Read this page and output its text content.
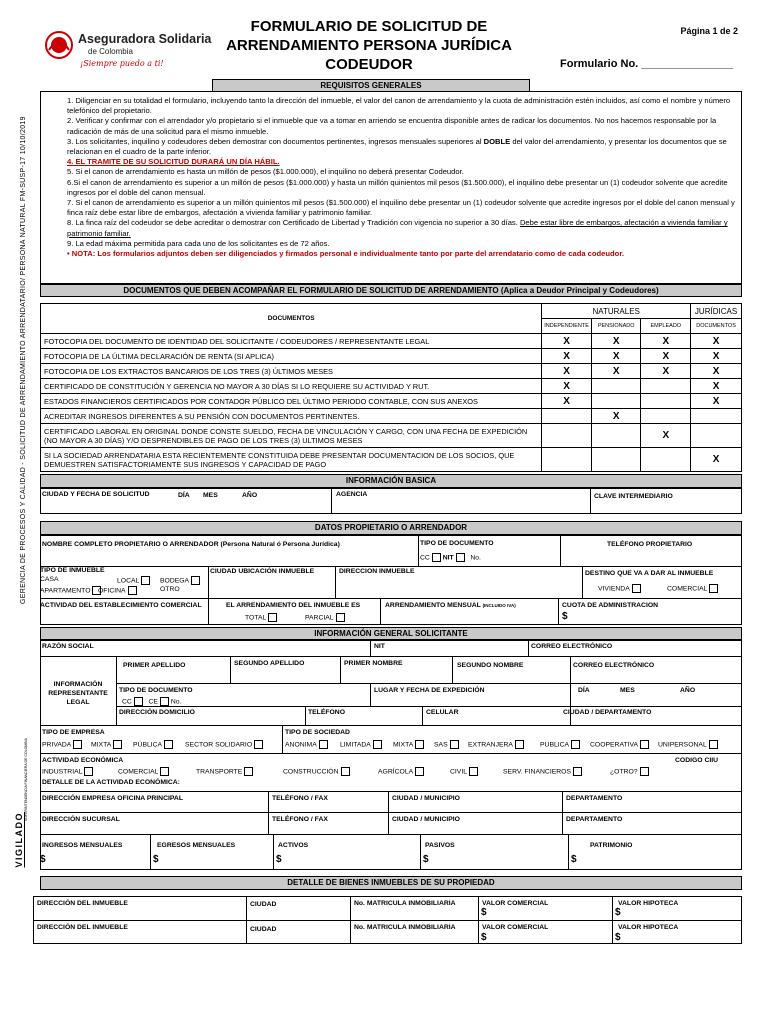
GERENCIA DE PROCESOS Y CALIDAD - SOLICITUD DE ARRENDAMIENTO ARRENDATARIO/ PERSONA NATURAL FM-SUSP-17 10/10/2019
VIGILADO
SUPERINTENDENCIA FINANCIERA DE COLOMBIA
Aseguradora Solidaria
de Colombia
¡Siempre puedo a ti!
FORMULARIO DE SOLICITUD DE
ARRENDAMIENTO PERSONA JURÍDICA
CODEUDOR
Página 1 de 2
Formulario No. _______________
REQUISITOS GENERALES

1. Diligenciar en su totalidad el formulario, incluyendo tanto la dirección del inmueble, el valor del canon de arrendamiento y la cuota de administración estén incluidos, así como el nombre y número telefónico del propietario.

2. Verificar y confirmar con el arrendador y/o propietario si el inmueble que va a tomar en arriendo se encuentra disponible antes de radicar los documentos. No nos hacemos responsable por la radicación de más de una solicitud para el mismo inmueble.

3. Los solicitantes, inquilino y codeudores deben demostrar con documentos pertinentes, ingresos mensuales superiores al DOBLE del valor del arrendamiento, y presentar los documentos que se relacionan en el cuadro de la parte inferior.

4. EL TRAMITE DE SU SOLICITUD DURARÁ UN DÍA HÁBIL.

5. Si el canon de arrendamiento es hasta un millón de pesos ($1.000.000), el inquilino no deberá presentar Codeudor.

6.Si el canon de arrendamiento es superior a un millón de pesos ($1.000.000) y hasta un millón quinientos mil pesos ($1.500.000), el inquilino debe presentar un (1) codeudor solvente que acredite ingresos por el doble del canon mensual.

7. Si el canon de arrendamiento es superior a un millón quinientos mil pesos ($1.500.000) el inquilino debe presentar un (1) codeudor solvente que acredite ingresos por el doble del canon mensual y finca raíz debe estar libre de embargos, afectación a vivienda familiar y patrimonio familiar.

8. La finca raíz del codeudor se debe acreditar o demostrar con Certificado de Libertad y Tradición con vigencia no superior a 30 días. Debe estar libre de embargos, afectación a vivienda familiar y patrimonio familiar.

9. La edad máxima permitida para cada uno de los solicitantes es de 72 años.

• NOTA: Los formularios adjuntos deben ser diligenciados y firmados personal e individualmente tanto por parte del arrendatario como de cada codeudor.

DOCUMENTOS QUE DEBEN ACOMPAÑAR EL FORMULARIO DE SOLICITUD DE ARRENDAMIENTO (Aplica a Deudor Principal y Codeudores)
DOCUMENTOS	NATURALES			JURÍDICAS
	INDEPENDIENTE	PENSIONADO	EMPLEADO	DOCUMENTOS
FOTOCOPIA DEL DOCUMENTO DE IDENTIDAD DEL SOLICITANTE / CODEUDORES / REPRESENTANTE LEGAL	X	X	X	X
FOTOCOPIA DE LA ÚLTIMA DECLARACIÓN DE RENTA (SI APLICA)	X	X	X	X
FOTOCOPIA DE LOS EXTRACTOS BANCARIOS DE LOS TRES (3) ÚLTIMOS MESES	X	X	X	X
CERTIFICADO DE CONSTITUCIÓN Y GERENCIA NO MAYOR A 30 DÍAS SI LO REQUIERE SU ACTIVIDAD Y RUT.	X			X
ESTADOS FINANCIEROS CERTIFICADOS POR CONTADOR PÚBLICO DEL ÚLTIMO PERIODO CONTABLE, CON SUS ANEXOS	X			X
ACREDITAR INGRESOS DIFERENTES A SU PENSIÓN CON DOCUMENTOS PERTINENTES.		X		
CERTIFICADO LABORAL EN ORIGINAL DONDE CONSTE SUELDO, FECHA DE VINCULACIÓN Y CARGO, CON UNA FECHA DE EXPEDICIÓN (NO MAYOR A 30 DÍAS) Y/O DESPRENDIBLES DE PAGO DE LOS TRES (3) ULTIMOS MESES			X	
SI LA SOCIEDAD ARRENDATARIA ESTA RECIENTEMENTE CONSTITUIDA DEBE PRESENTAR DOCUMENTACION DE LOS SOCIOS, QUE DEMUESTREN SATISFACTORIAMENTE SUS INGRESOS Y CAPACIDAD DE PAGO				X
INFORMACIÓN BASICA
CIUDAD Y FECHA DE SOLICITUD	DÍA MES	AÑO	AGENCIA	CLAVE INTERMEDIARIO
DATOS PROPIETARIO O ARRENDADOR
NOMBRE COMPLETO PROPIETARIO O ARRENDADOR (Persona Natural ó Persona Jurídica)	TIPO DE DOCUMENTO
CC NIT No.
TELÉFONO PROPIETARIO
TIPO DE INMUEBLE
CASA	LOCAL	BODEGA
APARTAMENTO	OFICINA	OTRO
CIUDAD UBICACIÓN INMUEBLE	DIRECCION INMUEBLE	DESTINO QUE VA A DAR AL INMUEBLE
VIVIENDA	COMERCIAL
ACTIVIDAD DEL ESTABLECIMIENTO COMERCIAL	EL ARRENDAMIENTO DEL INMUEBLE ES
TOTAL	PARCIAL
ARRENDAMIENTO MENSUAL (INCLUIDO IVA)	CUOTA DE ADMINISTRACION
$
INFORMACIÓN GENERAL SOLICITANTE
RAZÓN SOCIAL	NIT	CORREO ELECTRÓNICO
INFORMACIÓN REPRESENTANTE LEGAL
PRIMER APELLIDO	SEGUNDO APELLIDO	PRIMER NOMBRE	SEGUNDO NOMBRE	CORREO ELECTRÓNICO
TIPO DE DOCUMENTO
CC CE No.
LUGAR Y FECHA DE EXPEDICIÓN	DÍA	MES	AÑO
DIRECCIÓN DOMICILIO	TELÉFONO	CELULAR	CIUDAD / DEPARTAMENTO
TIPO DE EMPRESA
PRIVADA	MIXTA	PÚBLICA	SECTOR SOLIDARIO
TIPO DE SOCIEDAD
ANONIMA	LIMITADA	MIXTA	SAS	EXTRANJERA	PUBLICA	COOPERATIVA	UNIPERSONAL
ACTIVIDAD ECONÓMICA	CODIGO CIIU
INDUSTRIAL	COMERCIAL	TRANSPORTE	CONSTRUCCIÓN	AGRÍCOLA	CIVIL	SERV. FINANCIEROS	¿OTRO?
DETALLE DE LA ACTIVIDAD ECONÓMICA:
DIRECCIÓN EMPRESA OFICINA PRINCIPAL	TELÉFONO / FAX	CIUDAD / MUNICIPIO	DEPARTAMENTO
DIRECCIÓN SUCURSAL	TELÉFONO / FAX	CIUDAD / MUNICIPIO	DEPARTAMENTO
INGRESOS MENSUALES	EGRESOS MENSUALES	ACTIVOS	PASIVOS	PATRIMONIO
$	$	$	$	$
DETALLE DE BIENES INMUEBLES DE SU PROPIEDAD
DIRECCIÓN DEL INMUEBLE	CIUDAD	No. MATRICULA INMOBILIARIA	VALOR COMERCIAL	VALOR HIPOTECA
$	$
DIRECCIÓN DEL INMUEBLE	CIUDAD	No. MATRICULA INMOBILIARIA	VALOR COMERCIAL	VALOR HIPOTECA
$	$
